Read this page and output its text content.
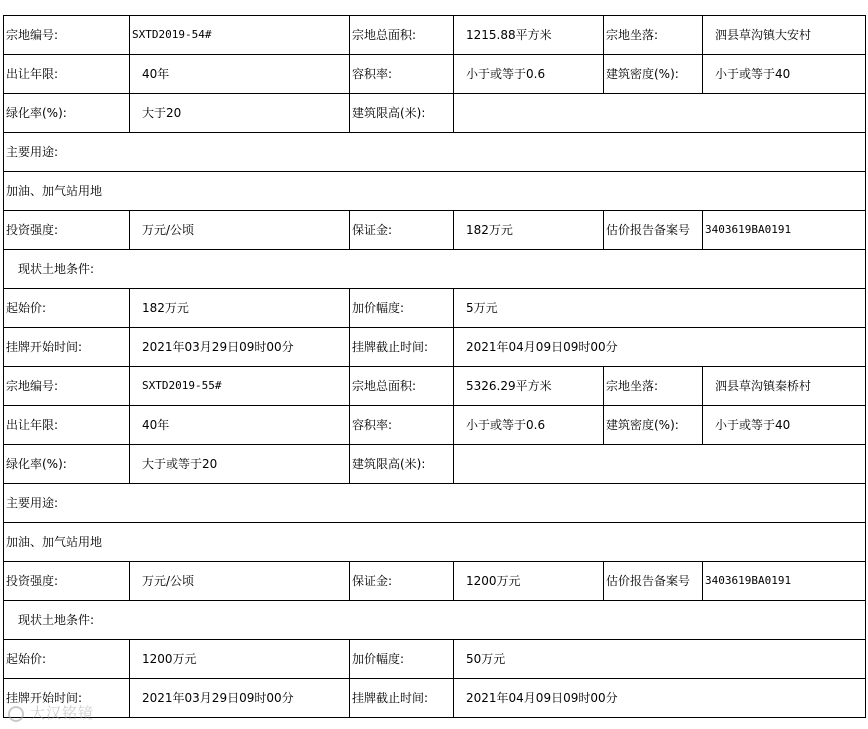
宗地编号:	SXTD2019-54#	宗地总面积:	1215.88平方米	宗地坐落:	泗县草沟镇大安村
出让年限:	40年	容积率:	小于或等于0.6	建筑密度(%):	小于或等于40
绿化率(%):	大于20	建筑限高(米):			
主要用途:					
加油、加气站用地					
投资强度:	万元/公顷	保证金:	182万元	估价报告备案号	3403619BA0191
现状土地条件:					
起始价:	182万元	加价幅度:	5万元		
挂牌开始时间:	2021年03月29日09时00分	挂牌截止时间:	2021年04月09日09时00分		
宗地编号:	SXTD2019-55#	宗地总面积:	5326.29平方米	宗地坐落:	泗县草沟镇秦桥村
出让年限:	40年	容积率:	小于或等于0.6	建筑密度(%):	小于或等于40
绿化率(%):	大于或等于20	建筑限高(米):			
主要用途:					
加油、加气站用地					
投资强度:	万元/公顷	保证金:	1200万元	估价报告备案号	3403619BA0191
现状土地条件:					
起始价:	1200万元	加价幅度:	50万元		
挂牌开始时间:	2021年03月29日09时00分	挂牌截止时间:	2021年04月09日09时00分		
大汉铭镜
